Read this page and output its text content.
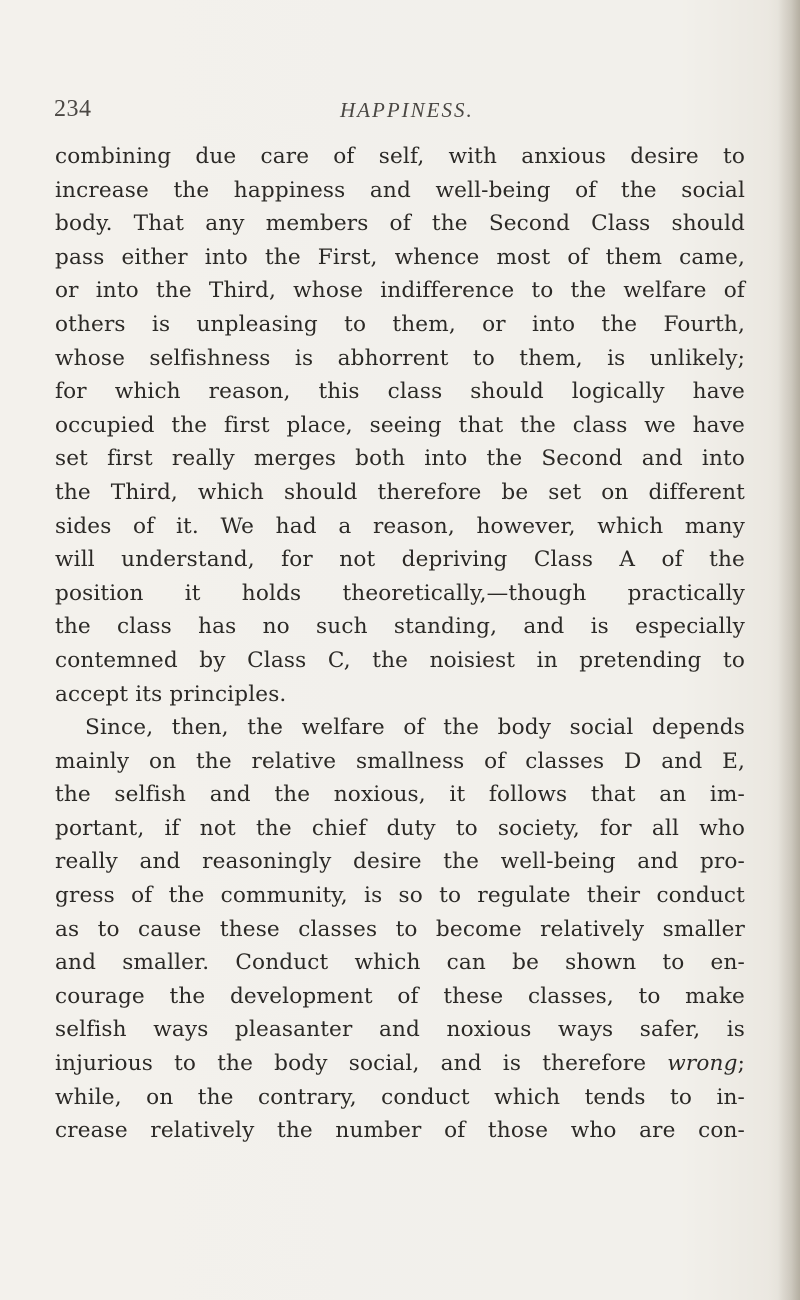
234	HAPPINESS.
combining due care of self, with anxious desire to
increase the happiness and well-being of the social
body. That any members of the Second Class should
pass either into the First, whence most of them came,
or into the Third, whose indifference to the welfare of
others is unpleasing to them, or into the Fourth,
whose selfishness is abhorrent to them, is unlikely;
for which reason, this class should logically have
occupied the first place, seeing that the class we have
set first really merges both into the Second and into
the Third, which should therefore be set on different
sides of it. We had a reason, however, which many
will understand, for not depriving Class A of the
position it holds theoretically,—though practically
the class has no such standing, and is especially
contemned by Class C, the noisiest in pretending to
accept its principles.
Since, then, the welfare of the body social depends
mainly on the relative smallness of classes D and E,
the selfish and the noxious, it follows that an im-
portant, if not the chief duty to society, for all who
really and reasoningly desire the well-being and pro-
gress of the community, is so to regulate their conduct
as to cause these classes to become relatively smaller
and smaller. Conduct which can be shown to en-
courage the development of these classes, to make
selfish ways pleasanter and noxious ways safer, is
injurious to the body social, and is therefore wrong;
while, on the contrary, conduct which tends to in-
crease relatively the number of those who are con-
